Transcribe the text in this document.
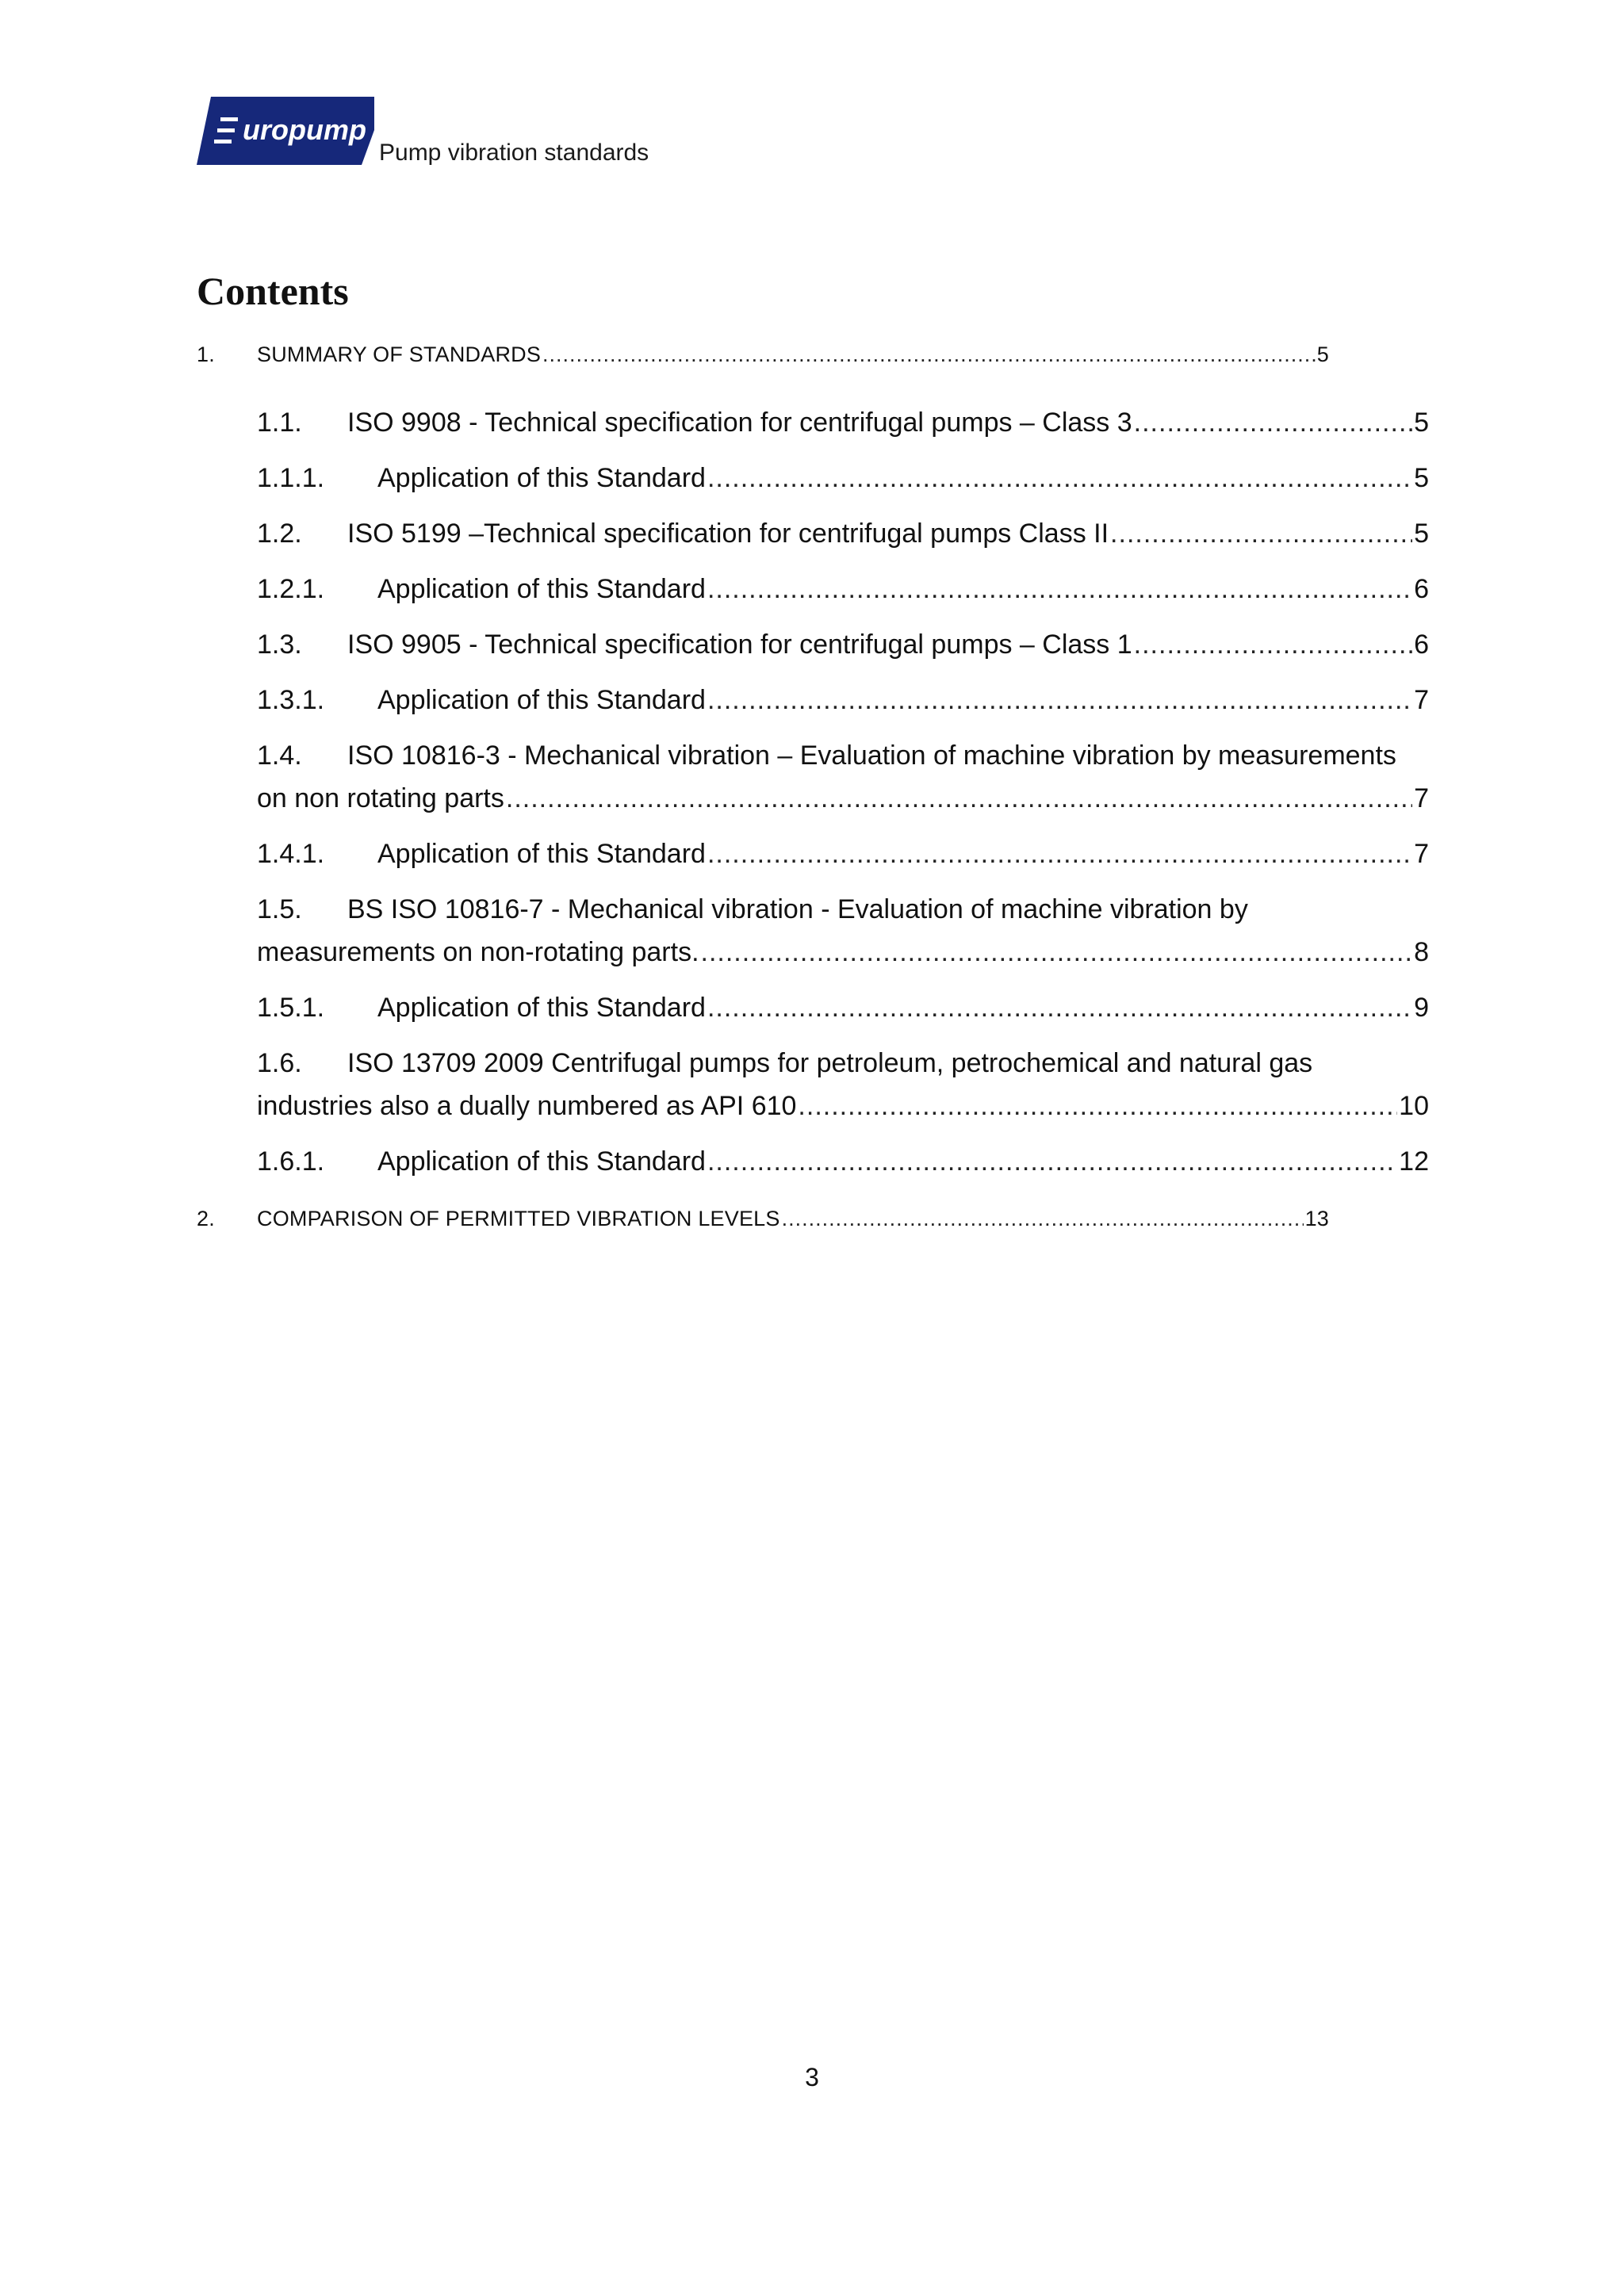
uropump
Pump vibration standards
Contents
1.	SUMMARY OF STANDARDS .....	5
1.1.	ISO 9908 - Technical specification for centrifugal pumps – Class 3 .....	5
1.1.1.	Application of this Standard .....	5
1.2.	ISO 5199 –Technical specification for centrifugal pumps Class II .....	5
1.2.1.	Application of this Standard .....	6
1.3.	ISO 9905 - Technical specification for centrifugal pumps – Class 1 .....	6
1.3.1.	Application of this Standard .....	7
1.4.	ISO 10816-3 - Mechanical vibration – Evaluation of machine vibration by measurements
on non rotating parts .....	7
1.4.1.	Application of this Standard .....	7
1.5.	BS ISO 10816-7 - Mechanical vibration - Evaluation of machine vibration by
measurements on non-rotating parts. .....	8
1.5.1.	Application of this Standard .....	9
1.6.	ISO 13709 2009 Centrifugal pumps for petroleum, petrochemical and natural gas
industries also a dually numbered as API 610 .....	10
1.6.1.	Application of this Standard .....	12
2.	COMPARISON OF PERMITTED VIBRATION LEVELS .....	13
3
